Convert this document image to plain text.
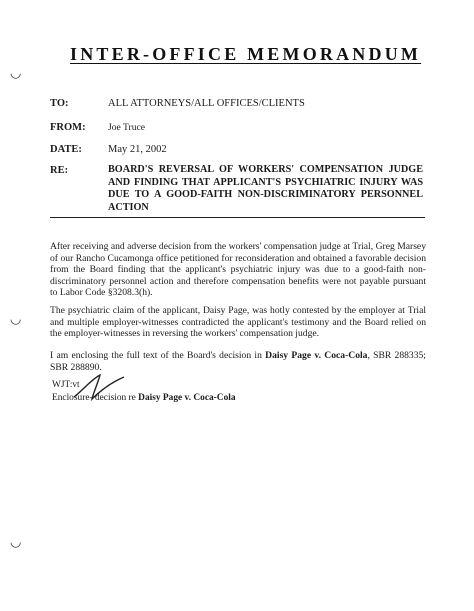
◡
◡
◡
INTER-OFFICE MEMORANDUM
TO:	ALL ATTORNEYS/ALL OFFICES/CLIENTS
FROM: Joe Truce
DATE: May 21, 2002
RE:	BOARD'S REVERSAL OF WORKERS' COMPENSATION JUDGE AND FINDING THAT APPLICANT'S PSYCHIATRIC INJURY WAS DUE TO A GOOD-FAITH NON-DISCRIMINATORY PERSONNEL ACTION
After receiving and adverse decision from the workers' compensation judge at Trial, Greg Marsey of our Rancho Cucamonga office petitioned for reconsideration and obtained a favorable decision from the Board finding that the applicant's psychiatric injury was due to a good-faith non-discriminatory personnel action and therefore compensation benefits were not payable pursuant to Labor Code §3208.3(h).
The psychiatric claim of the applicant, Daisy Page, was hotly contested by the employer at Trial and multiple employer-witnesses contradicted the applicant's testimony and the Board relied on the employer-witnesses in reversing the workers' compensation judge.
I am enclosing the full text of the Board's decision in Daisy Page v. Coca-Cola, SBR 288335; SBR 288890.
WJT:vt
Enclosure- decision re Daisy Page v. Coca-Cola
